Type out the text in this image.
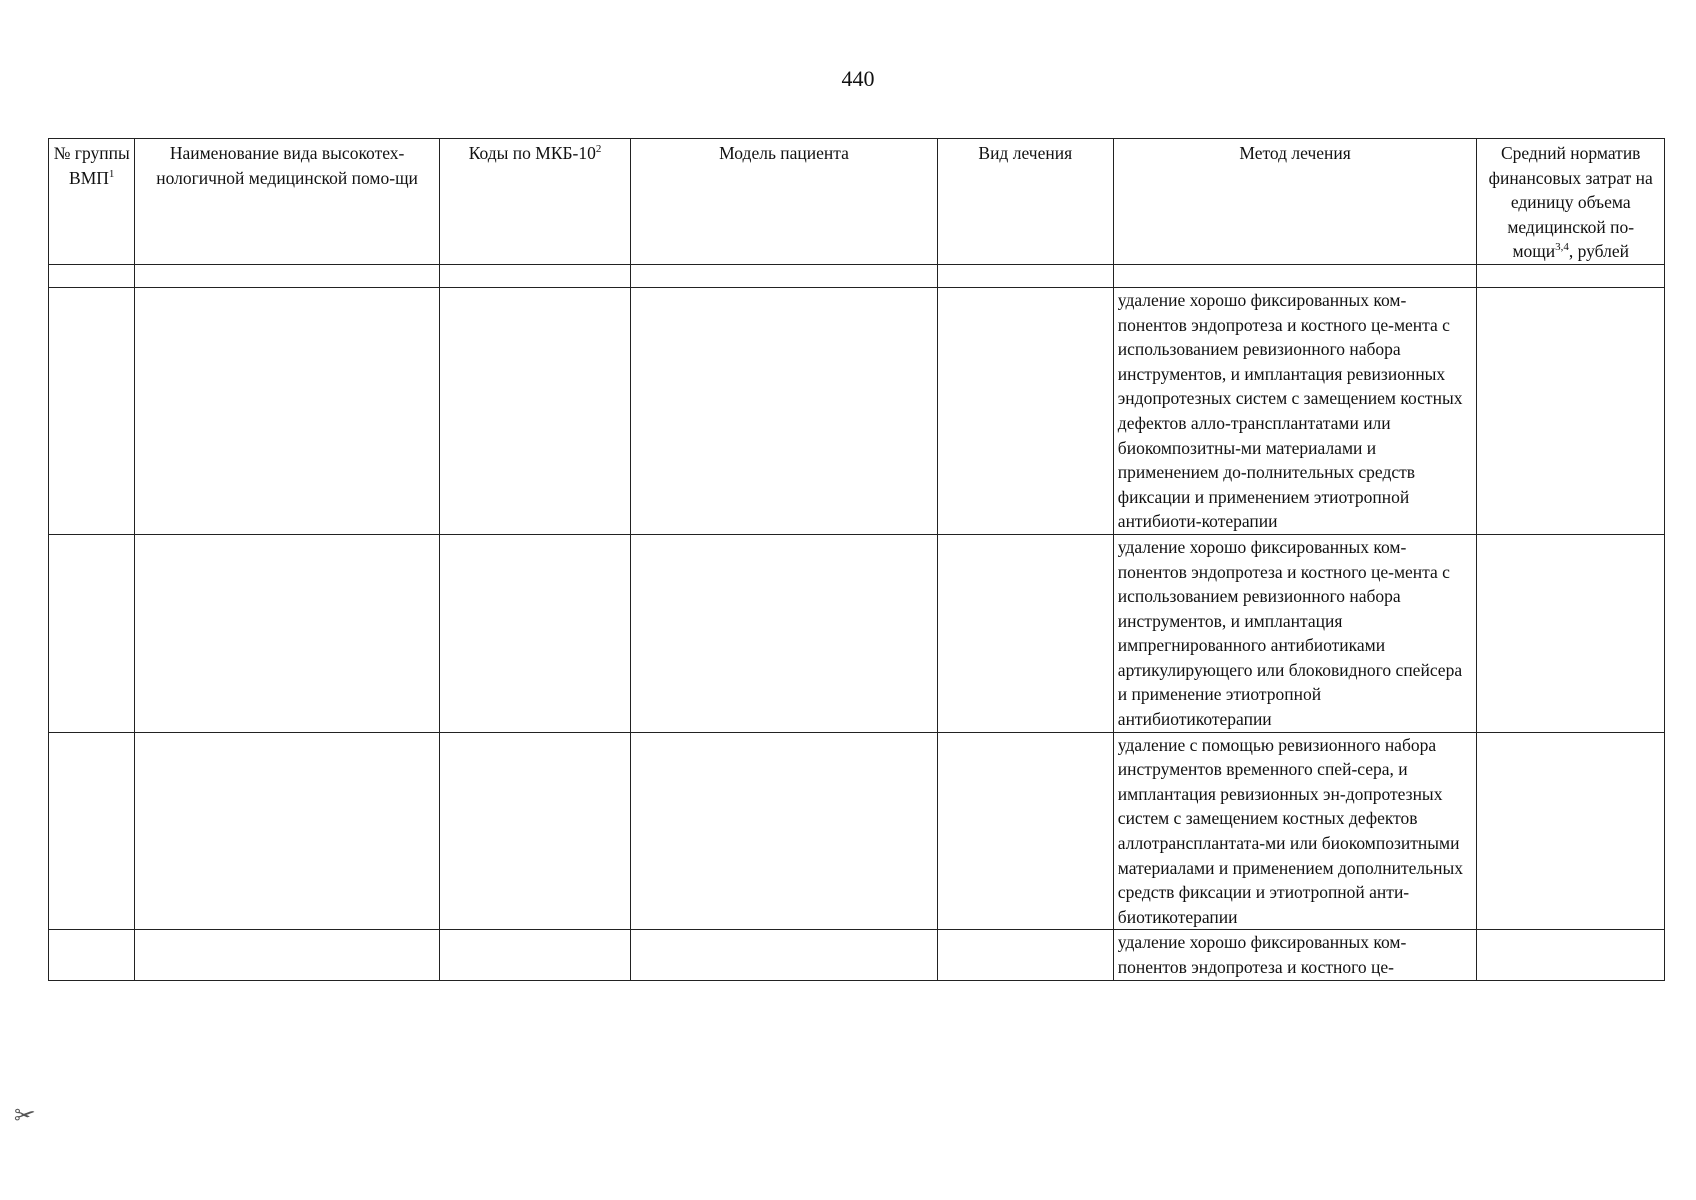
440
№ группы ВМП$^1$	Наименование вида высокотех-нологичной медицинской помо-щи	Коды по МКБ-$10^2$	Модель пациента	Вид лечения	Метод лечения	Средний норматив финансовых затрат на единицу объема медицинской по-мощи$^{3,4}$, рублей

					удаление хорошо фиксированных ком-понентов эндопротеза и костного це-мента с использованием ревизионного набора инструментов, и имплантация ревизионных эндопротезных систем с замещением костных дефектов алло-трансплантатами или биокомпозитны-ми материалами и применением до-полнительных средств фиксации и применением этиотропной антибиоти-котерапии	
					удаление хорошо фиксированных ком-понентов эндопротеза и костного це-мента с использованием ревизионного набора инструментов, и имплантация импрегнированного антибиотиками артикулирующего или блоковидного спейсера и применение этиотропной антибиотикотерапии	
					удаление с помощью ревизионного набора инструментов временного спей-сера, и имплантация ревизионных эн-допротезных систем с замещением костных дефектов аллотрансплантата-ми или биокомпозитными материалами и применением дополнительных средств фиксации и этиотропной анти-биотикотерапии	
					удаление хорошо фиксированных ком-понентов эндопротеза и костного це-	
✁
